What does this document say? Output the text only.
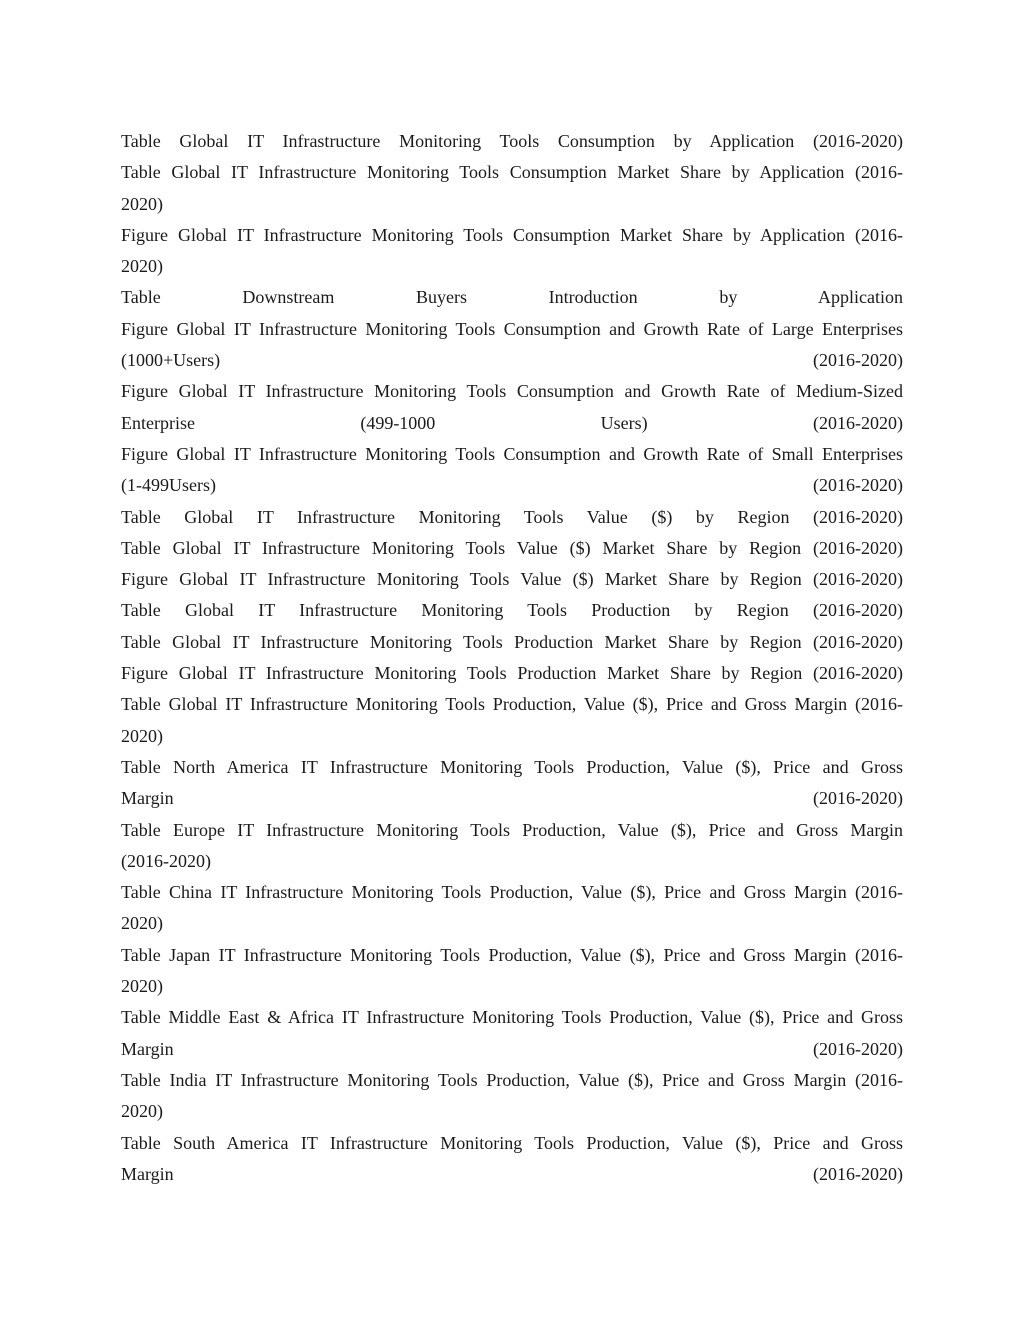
Table Global IT Infrastructure Monitoring Tools Consumption by Application (2016-2020)

Table Global IT Infrastructure Monitoring Tools Consumption Market Share by Application (2016-
2020)

Figure Global IT Infrastructure Monitoring Tools Consumption Market Share by Application (2016-
2020)

Table Downstream Buyers Introduction by Application

Figure Global IT Infrastructure Monitoring Tools Consumption and Growth Rate of Large Enterprises
(1000+Users) (2016-2020)

Figure Global IT Infrastructure Monitoring Tools Consumption and Growth Rate of Medium-Sized
Enterprise (499-1000 Users) (2016-2020)

Figure Global IT Infrastructure Monitoring Tools Consumption and Growth Rate of Small Enterprises
(1-499Users) (2016-2020)

Table Global IT Infrastructure Monitoring Tools Value ($) by Region (2016-2020)

Table Global IT Infrastructure Monitoring Tools Value ($) Market Share by Region (2016-2020)

Figure Global IT Infrastructure Monitoring Tools Value ($) Market Share by Region (2016-2020)

Table Global IT Infrastructure Monitoring Tools Production by Region (2016-2020)

Table Global IT Infrastructure Monitoring Tools Production Market Share by Region (2016-2020)

Figure Global IT Infrastructure Monitoring Tools Production Market Share by Region (2016-2020)

Table Global IT Infrastructure Monitoring Tools Production, Value ($), Price and Gross Margin (2016-
2020)

Table North America IT Infrastructure Monitoring Tools Production, Value ($), Price and Gross
Margin (2016-2020)

Table Europe IT Infrastructure Monitoring Tools Production, Value ($), Price and Gross Margin
(2016-2020)

Table China IT Infrastructure Monitoring Tools Production, Value ($), Price and Gross Margin (2016-
2020)

Table Japan IT Infrastructure Monitoring Tools Production, Value ($), Price and Gross Margin (2016-
2020)

Table Middle East & Africa IT Infrastructure Monitoring Tools Production, Value ($), Price and Gross
Margin (2016-2020)

Table India IT Infrastructure Monitoring Tools Production, Value ($), Price and Gross Margin (2016-
2020)

Table South America IT Infrastructure Monitoring Tools Production, Value ($), Price and Gross
Margin (2016-2020)
